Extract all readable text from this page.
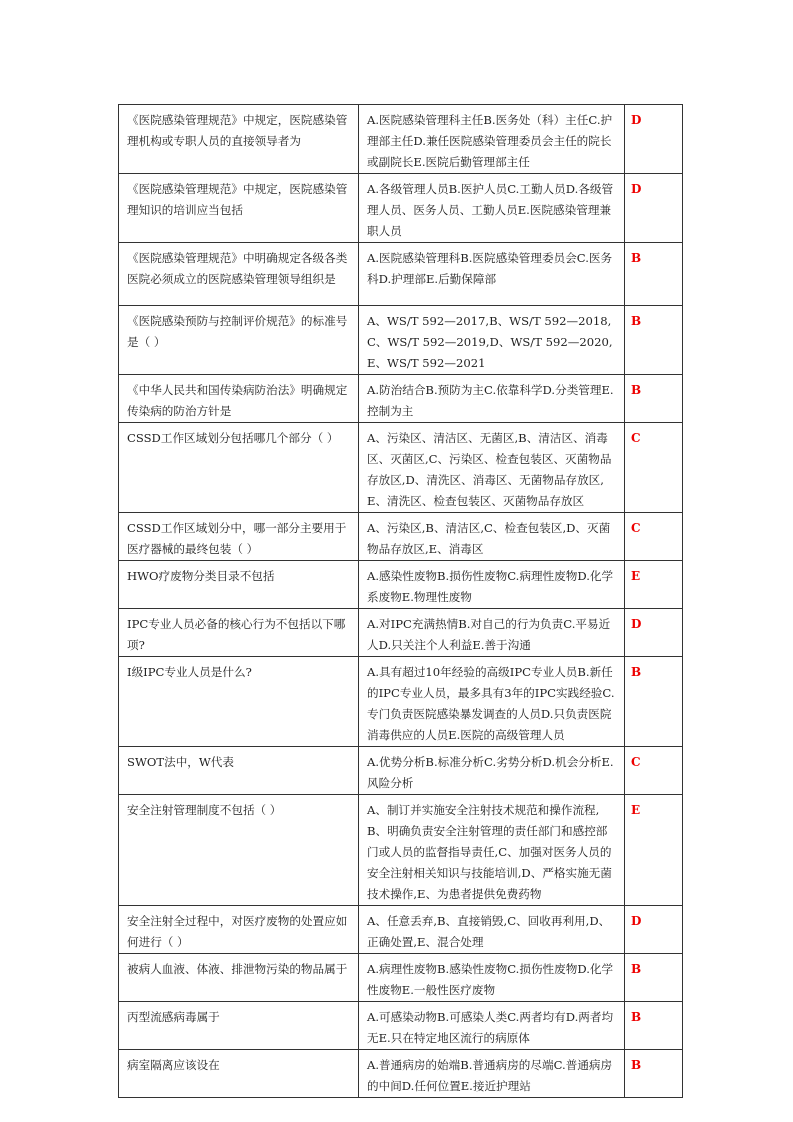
《医院感染管理规范》中规定，医院感染管理机构或专职人员的直接领导者为	A.医院感染管理科主任B.医务处（科）主任C.护理部主任D.兼任医院感染管理委员会主任的院长或副院长E.医院后勤管理部主任	D
《医院感染管理规范》中规定，医院感染管理知识的培训应当包括	A.各级管理人员B.医护人员C.工勤人员D.各级管理人员、医务人员、工勤人员E.医院感染管理兼职人员	D
《医院感染管理规范》中明确规定各级各类医院必须成立的医院感染管理领导组织是	A.医院感染管理科B.医院感染管理委员会C.医务科D.护理部E.后勤保障部	B
《医院感染预防与控制评价规范》的标准号是（ ）	A、WS/T 592—2017,B、WS/T 592—2018,C、WS/T 592—2019,D、WS/T 592—2020,E、WS/T 592—2021	B
《中华人民共和国传染病防治法》明确规定传染病的防治方针是	A.防治结合B.预防为主C.依靠科学D.分类管理E.控制为主	B
CSSD工作区域划分包括哪几个部分（ ）	A、污染区、清洁区、无菌区,B、清洁区、消毒区、灭菌区,C、污染区、检查包装区、灭菌物品存放区,D、清洗区、消毒区、无菌物品存放区,E、清洗区、检查包装区、灭菌物品存放区	C
CSSD工作区域划分中，哪一部分主要用于医疗器械的最终包装（ ）	A、污染区,B、清洁区,C、检查包装区,D、灭菌物品存放区,E、消毒区	C
HWO疗废物分类目录不包括	A.感染性废物B.损伤性废物C.病理性废物D.化学系废物E.物理性废物	E
IPC专业人员必备的核心行为不包括以下哪项?	A.对IPC充满热情B.对自己的行为负责C.平易近人D.只关注个人利益E.善于沟通	D
I级IPC专业人员是什么?	A.具有超过10年经验的高级IPC专业人员B.新任的IPC专业人员，最多具有3年的IPC实践经验C.专门负责医院感染暴发调查的人员D.只负责医院消毒供应的人员E.医院的高级管理人员	B
SWOT法中，W代表	A.优势分析B.标准分析C.劣势分析D.机会分析E.风险分析	C
安全注射管理制度不包括（ ）	A、制订并实施安全注射技术规范和操作流程,B、明确负责安全注射管理的责任部门和感控部门或人员的监督指导责任,C、加强对医务人员的安全注射相关知识与技能培训,D、严格实施无菌技术操作,E、为患者提供免费药物	E
安全注射全过程中，对医疗废物的处置应如何进行（ ）	A、任意丢弃,B、直接销毁,C、回收再利用,D、正确处置,E、混合处理	D
被病人血液、体液、排泄物污染的物品属于	A.病理性废物B.感染性废物C.损伤性废物D.化学性废物E.一般性医疗废物	B
丙型流感病毒属于	A.可感染动物B.可感染人类C.两者均有D.两者均无E.只在特定地区流行的病原体	B
病室隔离应该设在	A.普通病房的始端B.普通病房的尽端C.普通病房的中间D.任何位置E.接近护理站	B
